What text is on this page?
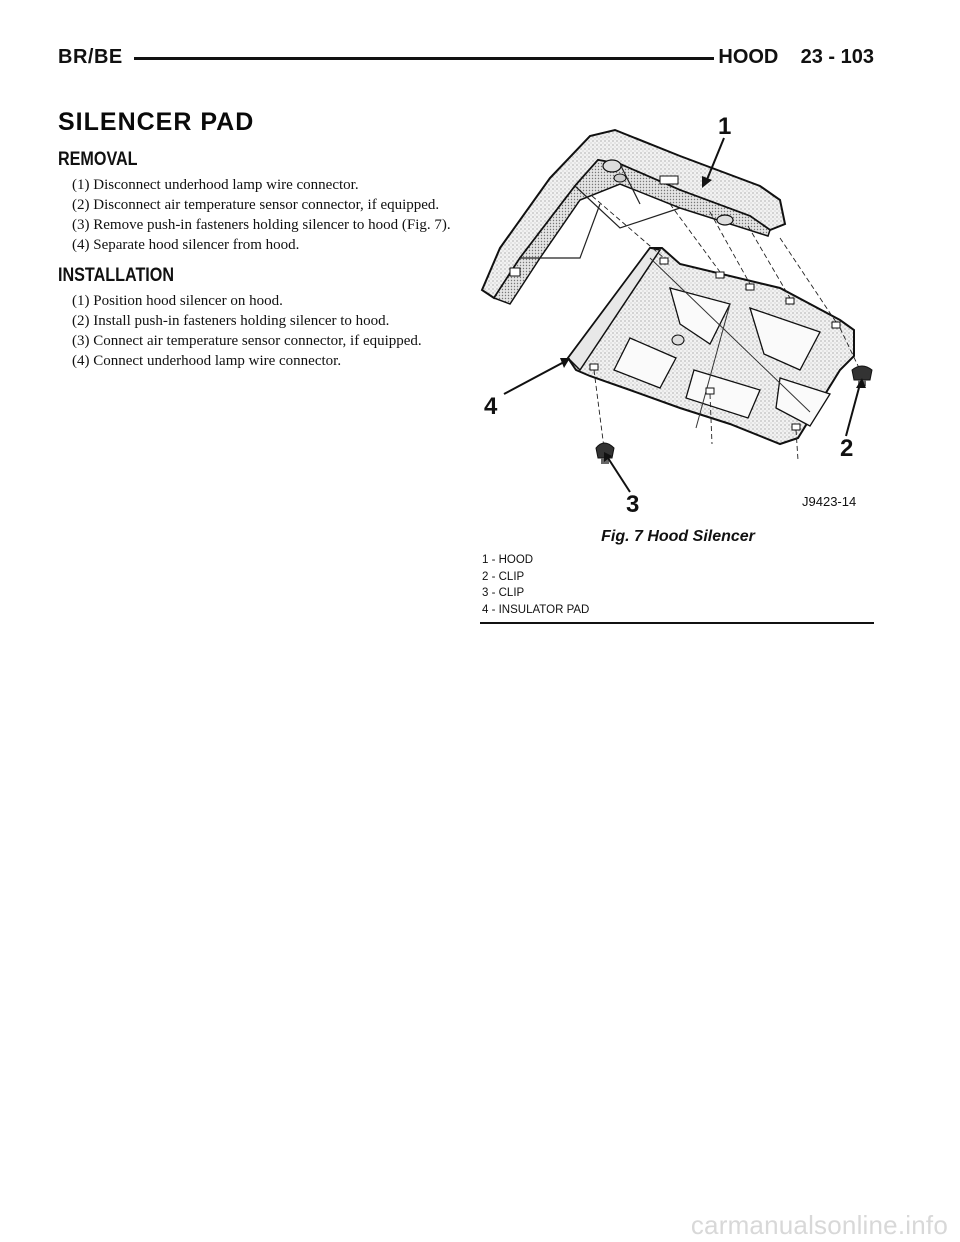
BR/BE	HOOD    23 - 103
SILENCER PAD
REMOVAL

(1) Disconnect underhood lamp wire connector.

(2) Disconnect air temperature sensor connector, if equipped.

(3) Remove push-in fasteners holding silencer to hood (Fig. 7).

(4) Separate hood silencer from hood.

INSTALLATION

(1) Position hood silencer on hood.

(2) Install push-in fasteners holding silencer to hood.

(3) Connect air temperature sensor connector, if equipped.

(4) Connect underhood lamp wire connector.

1
4
3
2
J9423-14
Fig. 7 Hood Silencer
1 - HOOD
2 - CLIP
3 - CLIP
4 - INSULATOR PAD
carmanualsonline.info
